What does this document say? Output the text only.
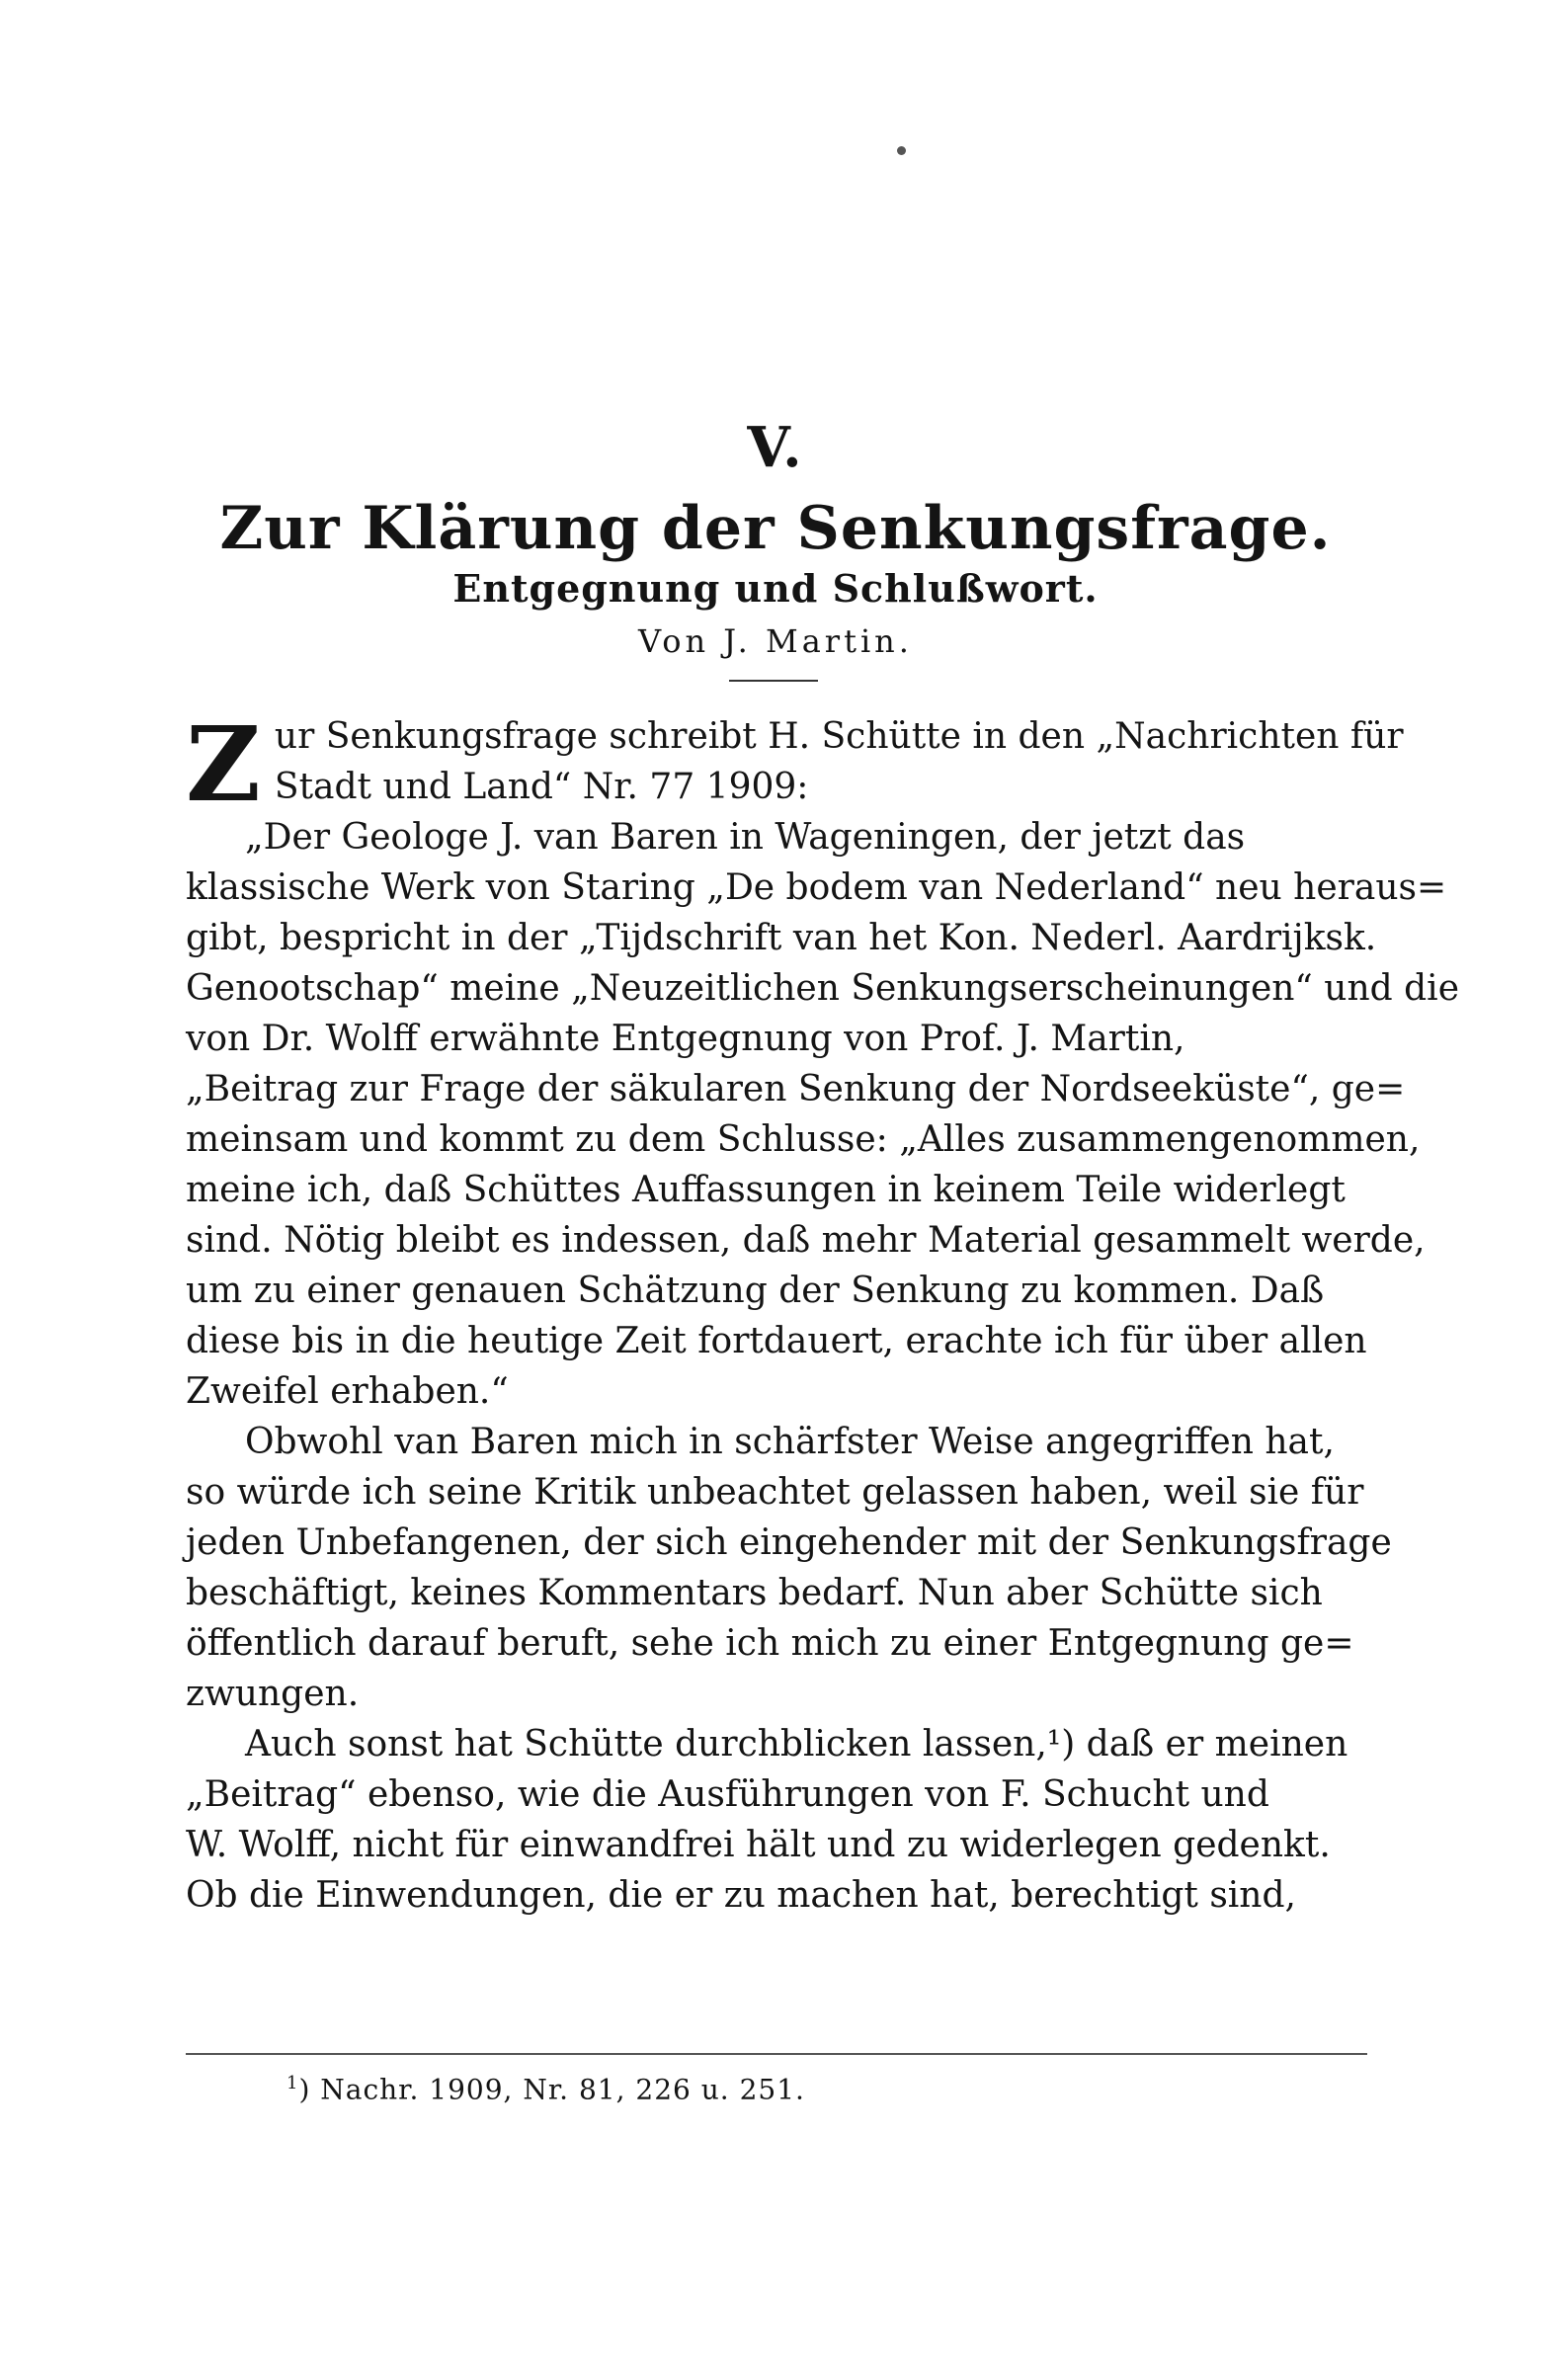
V.
Zur Klärung der Senkungsfrage.
Entgegnung und Schlußwort.
Von J. Martin.
Z ur Senkungsfrage schreibt H. Schütte in den „Nachrichten für
Stadt und Land“ Nr. 77 1909:
„Der Geologe J. van Baren in Wageningen, der jetzt das
klassische Werk von Staring „De bodem van Nederland“ neu heraus=
gibt, bespricht in der „Tijdschrift van het Kon. Nederl. Aardrijksk.
Genootschap“ meine „Neuzeitlichen Senkungserscheinungen“ und die
von Dr. Wolff erwähnte Entgegnung von Prof. J. Martin,
„Beitrag zur Frage der säkularen Senkung der Nordseeküste“, ge=
meinsam und kommt zu dem Schlusse: „Alles zusammengenommen,
meine ich, daß Schüttes Auffassungen in keinem Teile widerlegt
sind. Nötig bleibt es indessen, daß mehr Material gesammelt werde,
um zu einer genauen Schätzung der Senkung zu kommen. Daß
diese bis in die heutige Zeit fortdauert, erachte ich für über allen
Zweifel erhaben.“
Obwohl van Baren mich in schärfster Weise angegriffen hat,
so würde ich seine Kritik unbeachtet gelassen haben, weil sie für
jeden Unbefangenen, der sich eingehender mit der Senkungsfrage
beschäftigt, keines Kommentars bedarf. Nun aber Schütte sich
öffentlich darauf beruft, sehe ich mich zu einer Entgegnung ge=
zwungen.
Auch sonst hat Schütte durchblicken lassen,¹) daß er meinen
„Beitrag“ ebenso, wie die Ausführungen von F. Schucht und
W. Wolff, nicht für einwandfrei hält und zu widerlegen gedenkt.
Ob die Einwendungen, die er zu machen hat, berechtigt sind,
$^1$) Nachr. 1909, Nr. 81, 226 u. 251.
